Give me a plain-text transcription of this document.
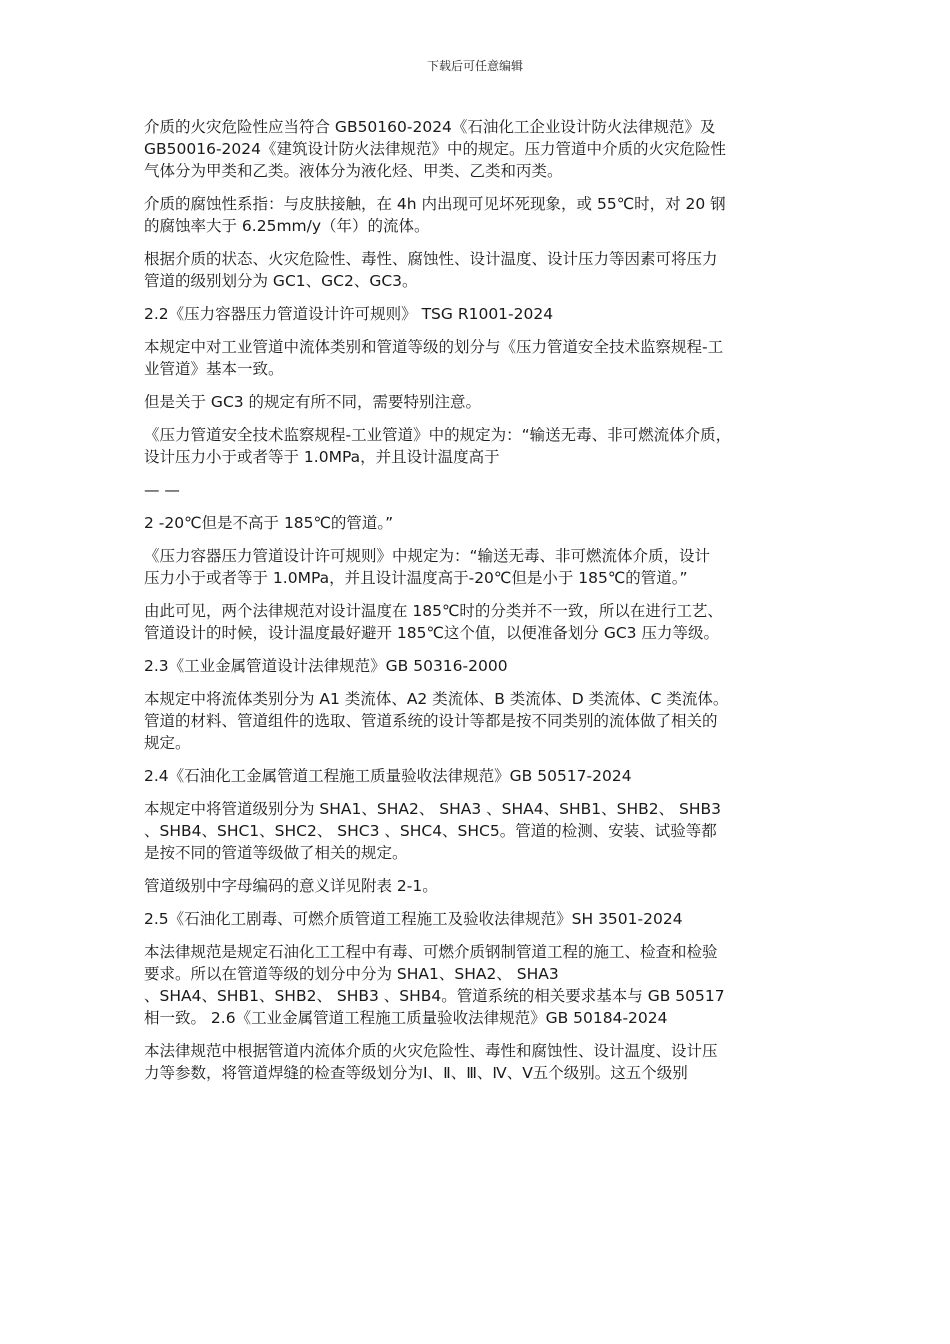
下载后可任意编辑

介质的火灾危险性应当符合 GB50160-2024《石油化工企业设计防火法律规范》及
GB50016-2024《建筑设计防火法律规范》中的规定。压力管道中介质的火灾危险性
气体分为甲类和乙类。液体分为液化烃、甲类、乙类和丙类。

介质的腐蚀性系指：与皮肤接触，在 4h 内出现可见坏死现象，或 55℃时，对 20 钢
的腐蚀率大于 6.25mm/y（年）的流体。

根据介质的状态、火灾危险性、毒性、腐蚀性、设计温度、设计压力等因素可将压力
管道的级别划分为 GC1、GC2、GC3。

2.2《压力容器压力管道设计许可规则》 TSG R1001-2024

本规定中对工业管道中流体类别和管道等级的划分与《压力管道安全技术监察规程-工
业管道》基本一致。

但是关于 GC3 的规定有所不同，需要特别注意。

《压力管道安全技术监察规程-工业管道》中的规定为：“输送无毒、非可燃流体介质，
设计压力小于或者等于 1.0MPa，并且设计温度高于

— —

2 -20℃但是不高于 185℃的管道。”

《压力容器压力管道设计许可规则》中规定为：“输送无毒、非可燃流体介质，设计
压力小于或者等于 1.0MPa，并且设计温度高于-20℃但是小于 185℃的管道。”

由此可见，两个法律规范对设计温度在 185℃时的分类并不一致，所以在进行工艺、
管道设计的时候，设计温度最好避开 185℃这个值，以便准备划分 GC3 压力等级。

2.3《工业金属管道设计法律规范》GB 50316-2000

本规定中将流体类别分为 A1 类流体、A2 类流体、B 类流体、D 类流体、C 类流体。
管道的材料、管道组件的选取、管道系统的设计等都是按不同类别的流体做了相关的
规定。

2.4《石油化工金属管道工程施工质量验收法律规范》GB 50517-2024

本规定中将管道级别分为 SHA1、SHA2、 SHA3 、SHA4、SHB1、SHB2、 SHB3
、SHB4、SHC1、SHC2、 SHC3 、SHC4、SHC5。管道的检测、安装、试验等都
是按不同的管道等级做了相关的规定。

管道级别中字母编码的意义详见附表 2-1。

2.5《石油化工剧毒、可燃介质管道工程施工及验收法律规范》SH 3501-2024

本法律规范是规定石油化工工程中有毒、可燃介质钢制管道工程的施工、检查和检验
要求。所以在管道等级的划分中分为 SHA1、SHA2、 SHA3
、SHA4、SHB1、SHB2、 SHB3 、SHB4。管道系统的相关要求基本与 GB 50517
相一致。 2.6《工业金属管道工程施工质量验收法律规范》GB 50184-2024

本法律规范中根据管道内流体介质的火灾危险性、毒性和腐蚀性、设计温度、设计压
力等参数，将管道焊缝的检查等级划分为Ⅰ、Ⅱ、Ⅲ、Ⅳ、Ⅴ五个级别。这五个级别
